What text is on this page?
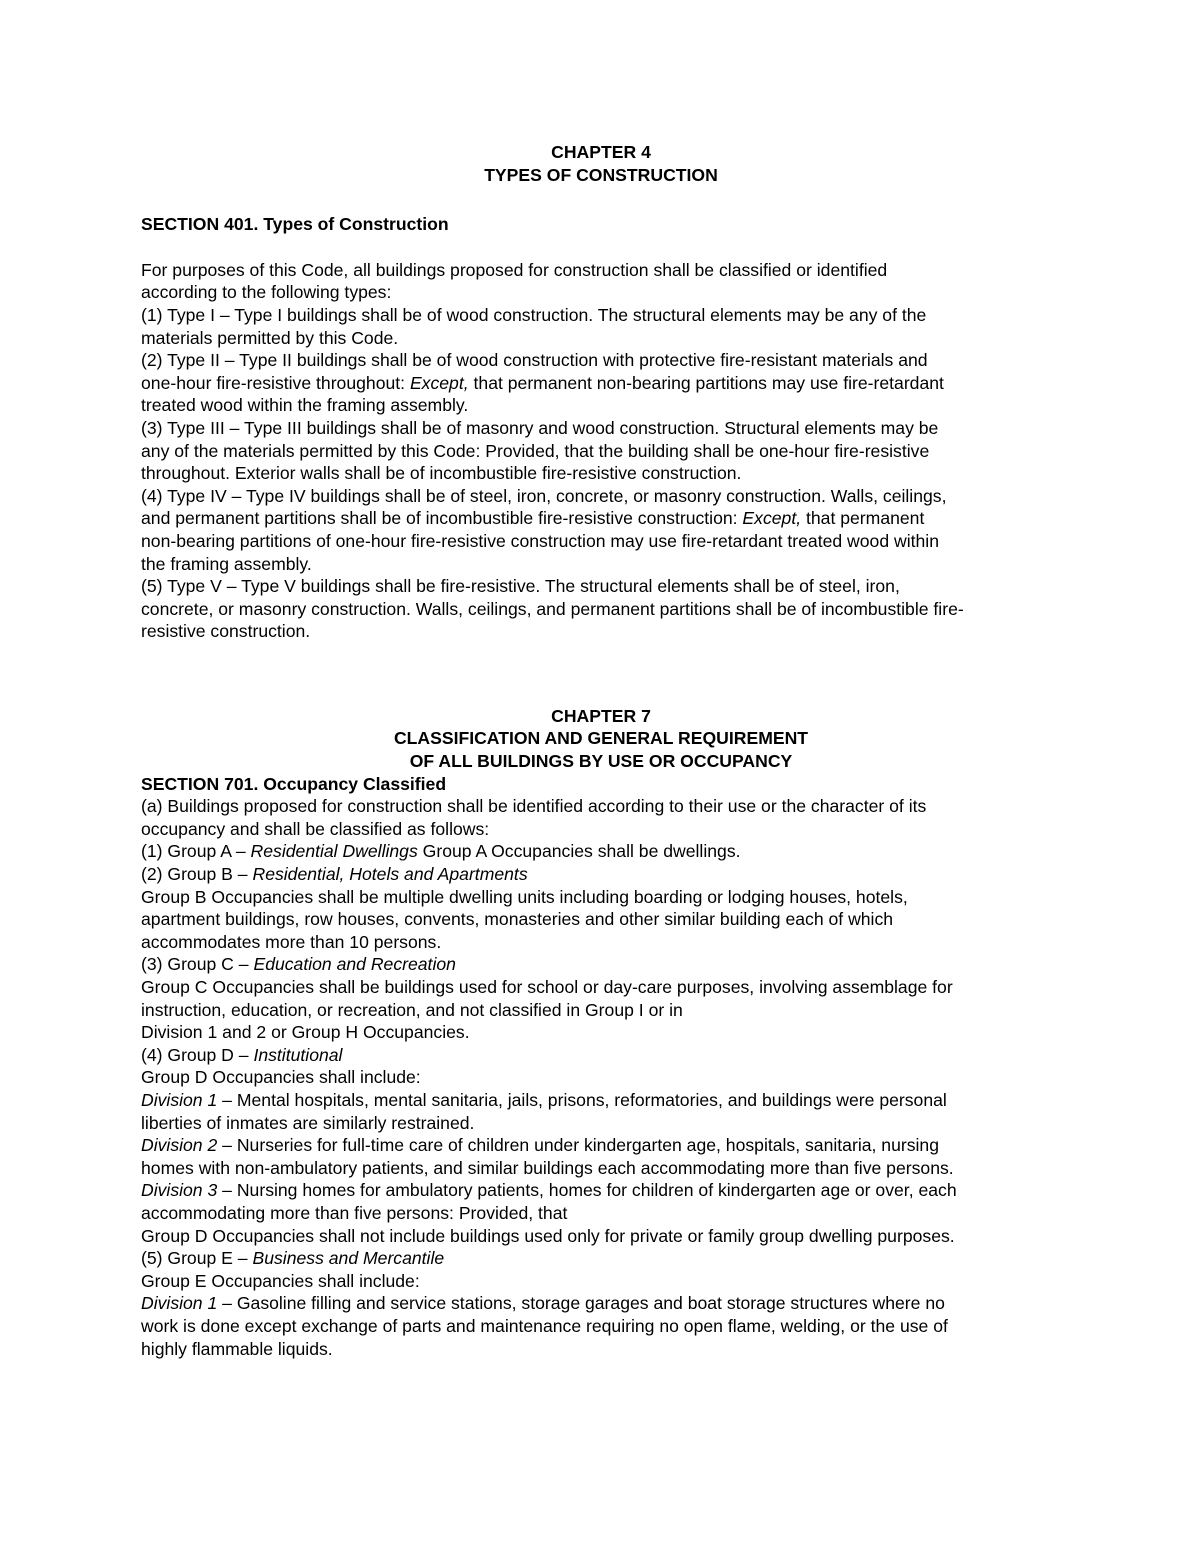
CHAPTER 4
TYPES OF CONSTRUCTION
SECTION 401. Types of Construction
For purposes of this Code, all buildings proposed for construction shall be classified or identified
according to the following types:
(1) Type I – Type I buildings shall be of wood construction. The structural elements may be any of the
materials permitted by this Code.
(2) Type II – Type II buildings shall be of wood construction with protective fire-resistant materials and
one-hour fire-resistive throughout: Except, that permanent non-bearing partitions may use fire-retardant
treated wood within the framing assembly.
(3) Type III – Type III buildings shall be of masonry and wood construction. Structural elements may be
any of the materials permitted by this Code: Provided, that the building shall be one-hour fire-resistive
throughout. Exterior walls shall be of incombustible fire-resistive construction.
(4) Type IV – Type IV buildings shall be of steel, iron, concrete, or masonry construction. Walls, ceilings,
and permanent partitions shall be of incombustible fire-resistive construction: Except, that permanent
non-bearing partitions of one-hour fire-resistive construction may use fire-retardant treated wood within
the framing assembly.
(5) Type V – Type V buildings shall be fire-resistive. The structural elements shall be of steel, iron,
concrete, or masonry construction. Walls, ceilings, and permanent partitions shall be of incombustible fire-
resistive construction.
CHAPTER 7
CLASSIFICATION AND GENERAL REQUIREMENT
OF ALL BUILDINGS BY USE OR OCCUPANCY
SECTION 701. Occupancy Classified
(a) Buildings proposed for construction shall be identified according to their use or the character of its
occupancy and shall be classified as follows:
(1) Group A – Residential Dwellings Group A Occupancies shall be dwellings.
(2) Group B – Residential, Hotels and Apartments
Group B Occupancies shall be multiple dwelling units including boarding or lodging houses, hotels,
apartment buildings, row houses, convents, monasteries and other similar building each of which
accommodates more than 10 persons.
(3) Group C – Education and Recreation
Group C Occupancies shall be buildings used for school or day-care purposes, involving assemblage for
instruction, education, or recreation, and not classified in Group I or in
Division 1 and 2 or Group H Occupancies.
(4) Group D – Institutional
Group D Occupancies shall include:
Division 1 – Mental hospitals, mental sanitaria, jails, prisons, reformatories, and buildings were personal
liberties of inmates are similarly restrained.
Division 2 – Nurseries for full-time care of children under kindergarten age, hospitals, sanitaria, nursing
homes with non-ambulatory patients, and similar buildings each accommodating more than five persons.
Division 3 – Nursing homes for ambulatory patients, homes for children of kindergarten age or over, each
accommodating more than five persons: Provided, that
Group D Occupancies shall not include buildings used only for private or family group dwelling purposes.
(5) Group E – Business and Mercantile
Group E Occupancies shall include:
Division 1 – Gasoline filling and service stations, storage garages and boat storage structures where no
work is done except exchange of parts and maintenance requiring no open flame, welding, or the use of
highly flammable liquids.
